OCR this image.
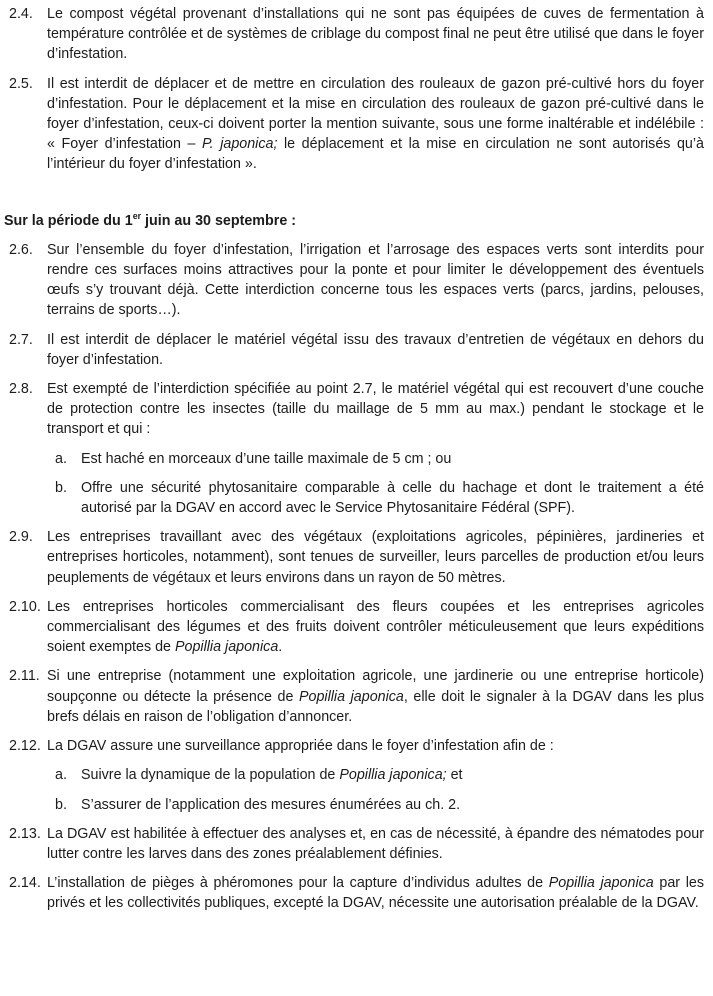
2.4. Le compost végétal provenant d’installations qui ne sont pas équipées de cuves de fermentation à température contrôlée et de systèmes de criblage du compost final ne peut être utilisé que dans le foyer d’infestation.
2.5. Il est interdit de déplacer et de mettre en circulation des rouleaux de gazon pré-cultivé hors du foyer d’infestation. Pour le déplacement et la mise en circulation des rouleaux de gazon pré-cultivé dans le foyer d’infestation, ceux-ci doivent porter la mention suivante, sous une forme inaltérable et indélébile : « Foyer d’infestation – P. japonica; le déplacement et la mise en circulation ne sont autorisés qu’à l’intérieur du foyer d’infestation ».
Sur la période du 1er juin au 30 septembre :
2.6. Sur l’ensemble du foyer d’infestation, l’irrigation et l’arrosage des espaces verts sont interdits pour rendre ces surfaces moins attractives pour la ponte et pour limiter le développement des éventuels œufs s’y trouvant déjà. Cette interdiction concerne tous les espaces verts (parcs, jardins, pelouses, terrains de sports…).
2.7. Il est interdit de déplacer le matériel végétal issu des travaux d’entretien de végétaux en dehors du foyer d’infestation.
2.8. Est exempté de l’interdiction spécifiée au point 2.7, le matériel végétal qui est recouvert d’une couche de protection contre les insectes (taille du maillage de 5 mm au max.) pendant le stockage et le transport et qui :
a. Est haché en morceaux d’une taille maximale de 5 cm ; ou
b. Offre une sécurité phytosanitaire comparable à celle du hachage et dont le traitement a été autorisé par la DGAV en accord avec le Service Phytosanitaire Fédéral (SPF).
2.9. Les entreprises travaillant avec des végétaux (exploitations agricoles, pépinières, jardineries et entreprises horticoles, notamment), sont tenues de surveiller, leurs parcelles de production et/ou leurs peuplements de végétaux et leurs environs dans un rayon de 50 mètres.
2.10. Les entreprises horticoles commercialisant des fleurs coupées et les entreprises agricoles commercialisant des légumes et des fruits doivent contrôler méticuleusement que leurs expéditions soient exemptes de Popillia japonica.
2.11. Si une entreprise (notamment une exploitation agricole, une jardinerie ou une entreprise horticole) soupçonne ou détecte la présence de Popillia japonica, elle doit le signaler à la DGAV dans les plus brefs délais en raison de l’obligation d’annoncer.
2.12. La DGAV assure une surveillance appropriée dans le foyer d’infestation afin de :
a. Suivre la dynamique de la population de Popillia japonica; et
b. S’assurer de l’application des mesures énumérées au ch. 2.
2.13. La DGAV est habilitée à effectuer des analyses et, en cas de nécessité, à épandre des nématodes pour lutter contre les larves dans des zones préalablement définies.
2.14. L’installation de pièges à phéromones pour la capture d’individus adultes de Popillia japonica par les privés et les collectivités publiques, excepté la DGAV, nécessite une autorisation préalable de la DGAV.
